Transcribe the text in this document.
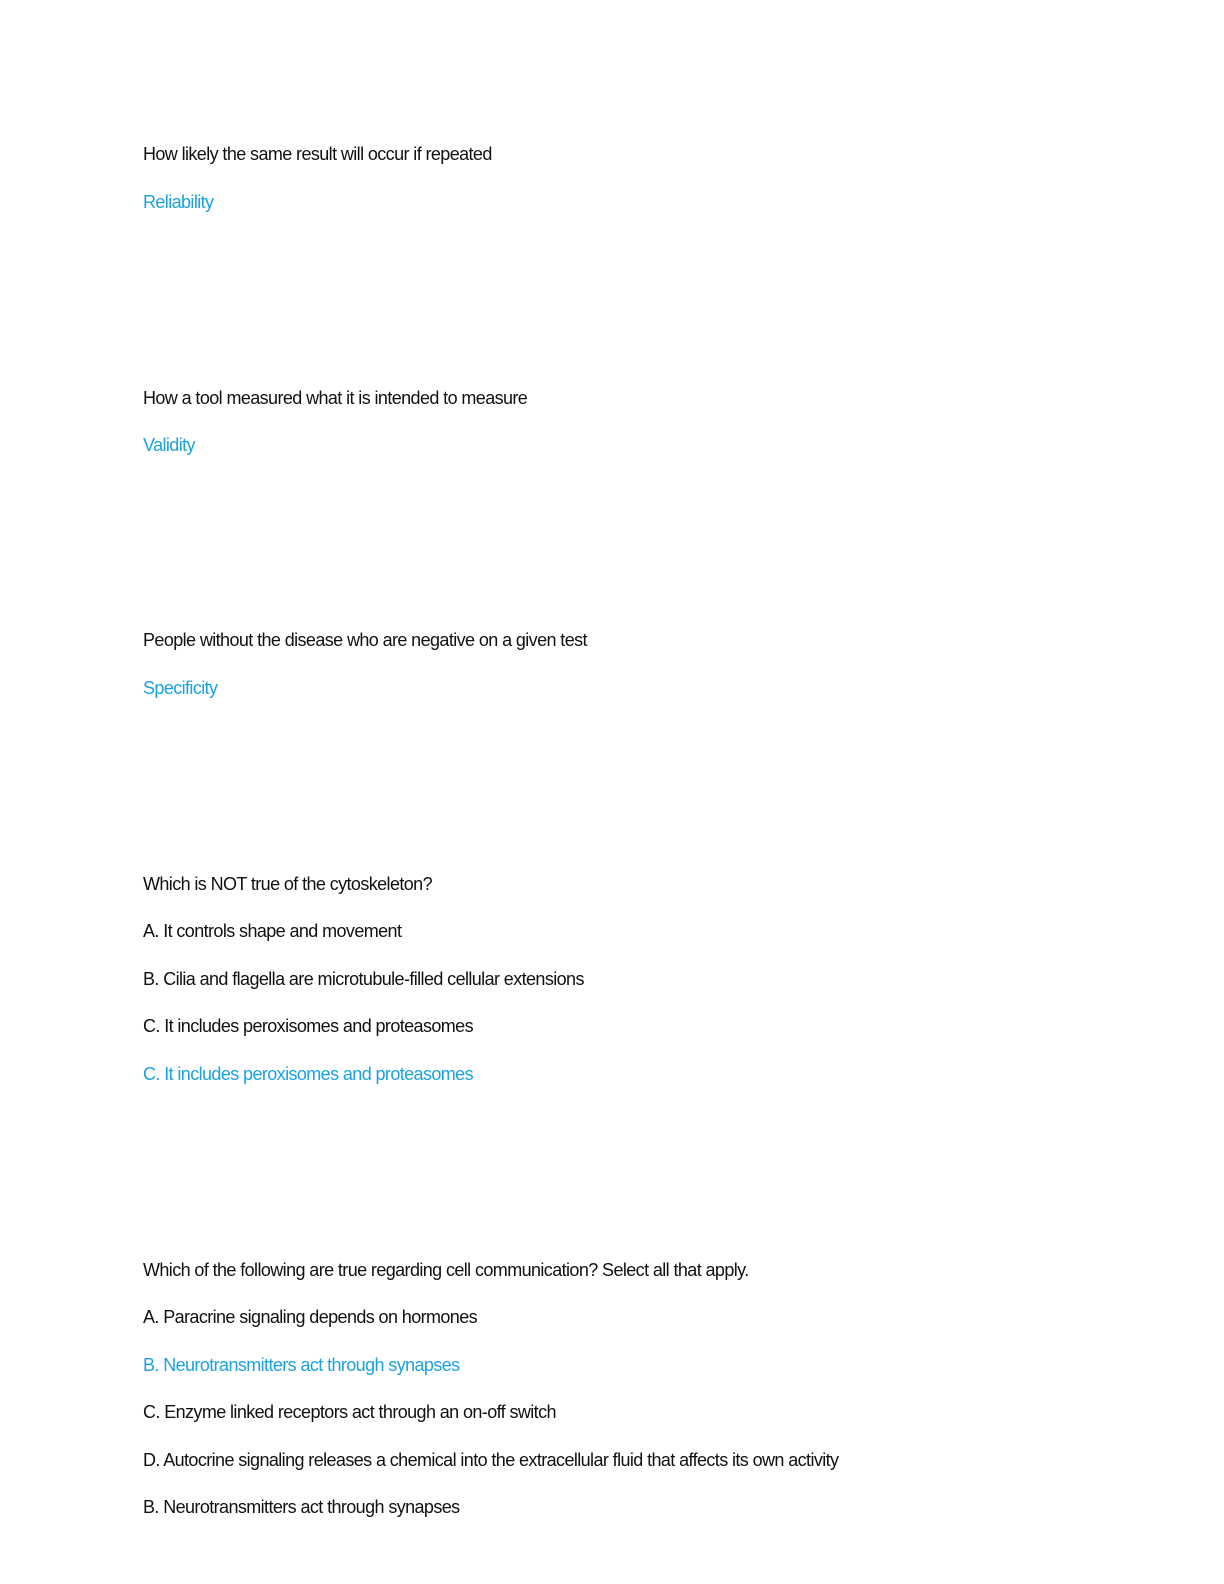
How likely the same result will occur if repeated
Reliability
How a tool measured what it is intended to measure
Validity
People without the disease who are negative on a given test
Specificity
Which is NOT true of the cytoskeleton?
A. It controls shape and movement
B. Cilia and flagella are microtubule-filled cellular extensions
C. It includes peroxisomes and proteasomes
C. It includes peroxisomes and proteasomes
Which of the following are true regarding cell communication? Select all that apply.
A. Paracrine signaling depends on hormones
B. Neurotransmitters act through synapses
C. Enzyme linked receptors act through an on-off switch
D. Autocrine signaling releases a chemical into the extracellular fluid that affects its own activity
B. Neurotransmitters act through synapses
